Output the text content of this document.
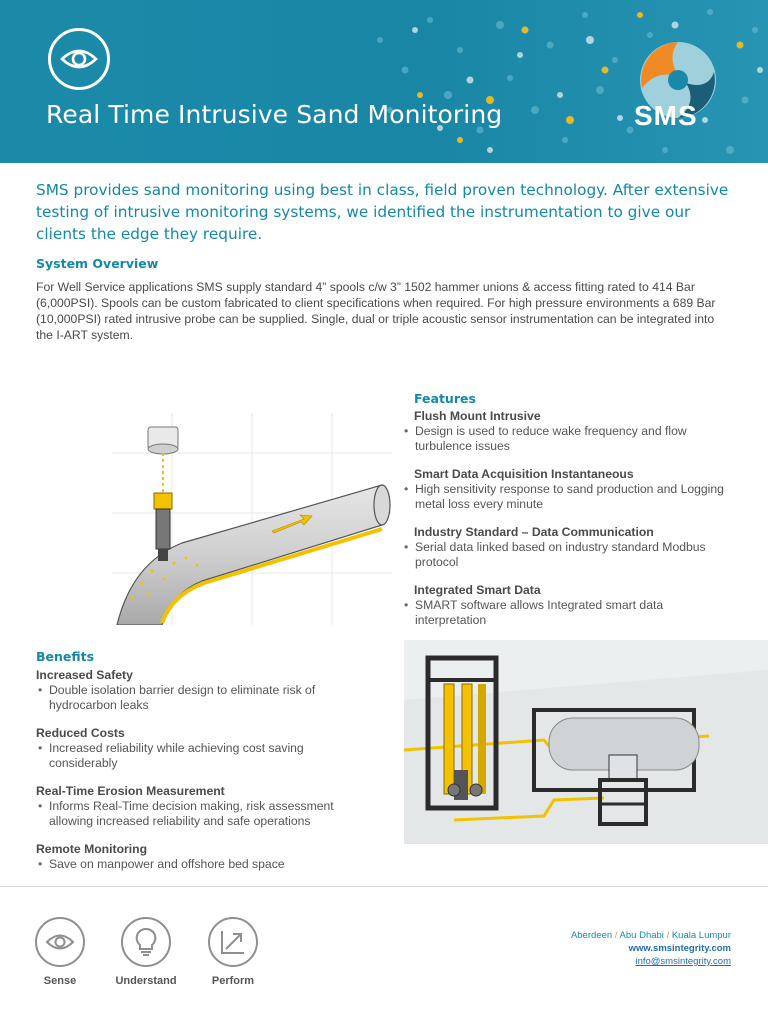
Real Time Intrusive Sand Monitoring	SMS
SMS provides sand monitoring using best in class, field proven technology. After extensive testing of intrusive monitoring systems, we identified the instrumentation to give our clients the edge they require.
System Overview
For Well Service applications SMS supply standard 4” spools c/w 3” 1502 hammer unions & access fitting rated to 414 Bar (6,000PSI). Spools can be custom fabricated to client specifications when required. For high pressure environments a 689 Bar (10,000PSI) rated intrusive probe can be supplied. Single, dual or triple acoustic sensor instrumentation can be integrated into the I-ART system.
Features

Flush Mount Intrusive

• Design is used to reduce wake frequency and flow turbulence issues

Smart Data Acquisition Instantaneous

• High sensitivity response to sand production and Logging metal loss every minute

Industry Standard – Data Communication

• Serial data linked based on industry standard Modbus protocol

Integrated Smart Data

• SMART software allows Integrated smart data interpretation

Benefits

Increased Safety

• Double isolation barrier design to eliminate risk of hydrocarbon leaks

Reduced Costs

• Increased reliability while achieving cost saving considerably

Real-Time Erosion Measurement

• Informs Real-Time decision making, risk assessment allowing increased reliability and safe operations

Remote Monitoring

• Save on manpower and offshore bed space

Sense	Understand	Perform
Aberdeen / Abu Dhabi / Kuala Lumpur
www.smsintegrity.com
info@smsintegrity.com
